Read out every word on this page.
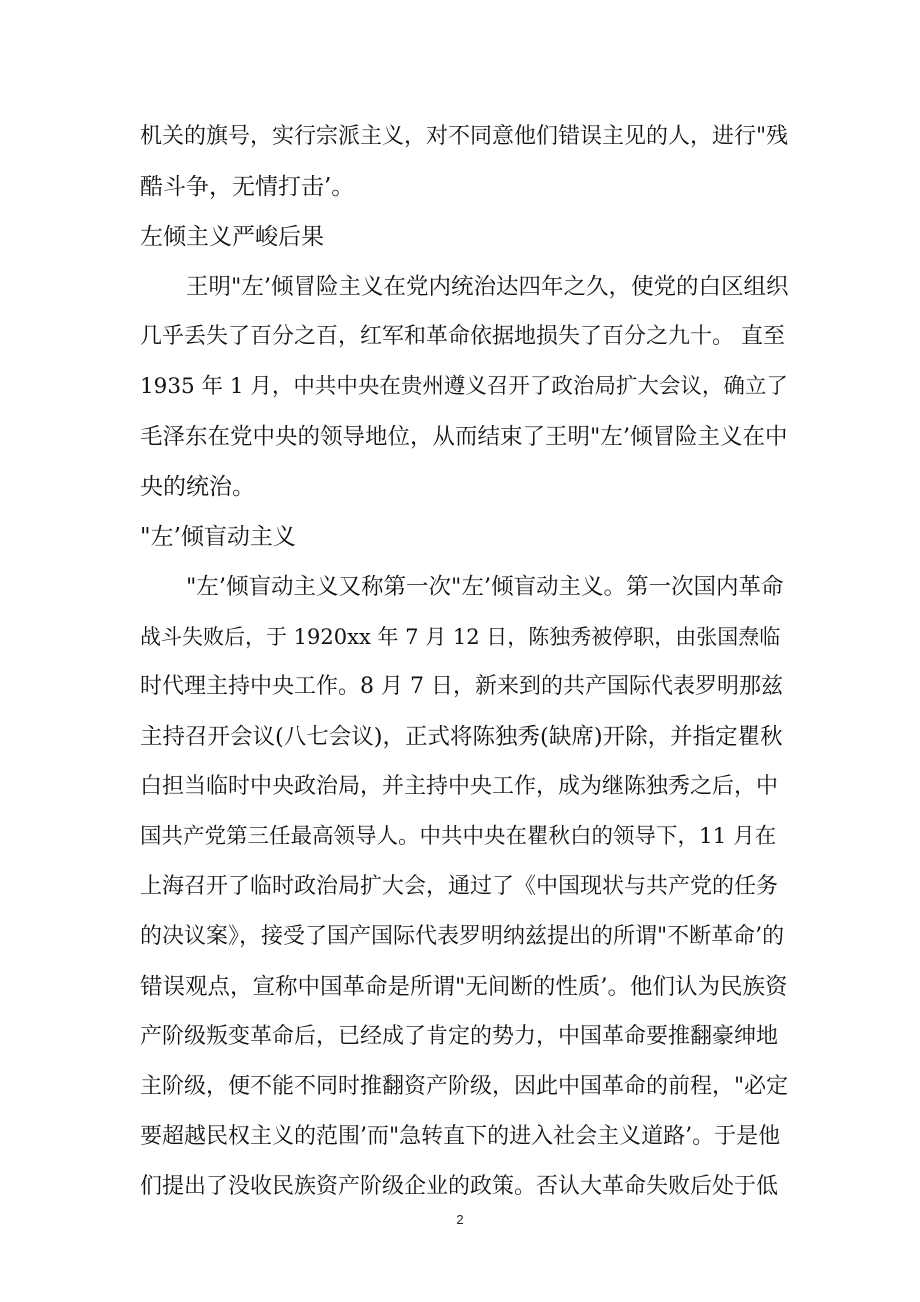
机关的旗号，实行宗派主义，对不同意他们错误主见的人，进行"残
酷斗争，无情打击’。
左倾主义严峻后果
王明"左’倾冒险主义在党内统治达四年之久，使党的白区组织
几乎丢失了百分之百，红军和革命依据地损失了百分之九十。 直至
1935 年 1 月，中共中央在贵州遵义召开了政治局扩大会议，确立了
毛泽东在党中央的领导地位，从而结束了王明"左’倾冒险主义在中
央的统治。
"左’倾盲动主义
"左’倾盲动主义又称第一次"左’倾盲动主义。第一次国内革命
战斗失败后，于 1920xx 年 7 月 12 日，陈独秀被停职，由张国焘临
时代理主持中央工作。8 月 7 日，新来到的共产国际代表罗明那兹
主持召开会议(八七会议)，正式将陈独秀(缺席)开除，并指定瞿秋
白担当临时中央政治局，并主持中央工作，成为继陈独秀之后，中
国共产党第三任最高领导人。中共中央在瞿秋白的领导下，11 月在
上海召开了临时政治局扩大会，通过了《中国现状与共产党的任务
的决议案》，接受了国产国际代表罗明纳兹提出的所谓"不断革命’的
错误观点，宣称中国革命是所谓"无间断的性质’。他们认为民族资
产阶级叛变革命后，已经成了肯定的势力，中国革命要推翻豪绅地
主阶级，便不能不同时推翻资产阶级，因此中国革命的前程，"必定
要超越民权主义的范围’而"急转直下的进入社会主义道路’。于是他
们提出了没收民族资产阶级企业的政策。否认大革命失败后处于低
2
